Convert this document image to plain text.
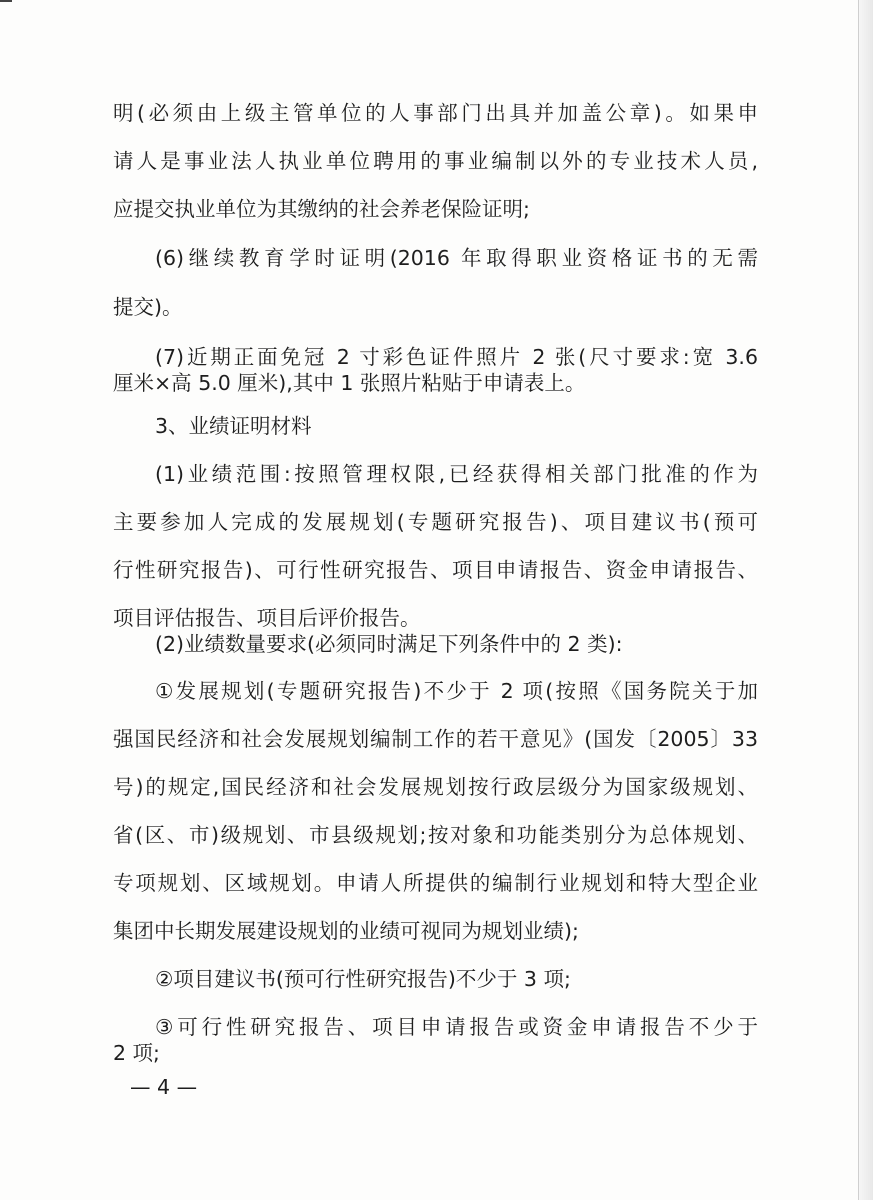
明(必须由上级主管单位的人事部门出具并加盖公章)。如果申

请人是事业法人执业单位聘用的事业编制以外的专业技术人员,

应提交执业单位为其缴纳的社会养老保险证明;

(6)继续教育学时证明(2016 年取得职业资格证书的无需

提交)。

(7)近期正面免冠 2 寸彩色证件照片 2 张(尺寸要求:宽 3.6

厘米×高 5.0 厘米),其中 1 张照片粘贴于申请表上。

3、业绩证明材料

(1)业绩范围:按照管理权限,已经获得相关部门批准的作为

主要参加人完成的发展规划(专题研究报告)、项目建议书(预可

行性研究报告)、可行性研究报告、项目申请报告、资金申请报告、

项目评估报告、项目后评价报告。

(2)业绩数量要求(必须同时满足下列条件中的 2 类):

①发展规划(专题研究报告)不少于 2 项(按照《国务院关于加

强国民经济和社会发展规划编制工作的若干意见》(国发〔2005〕33

号)的规定,国民经济和社会发展规划按行政层级分为国家级规划、

省(区、市)级规划、市县级规划;按对象和功能类别分为总体规划、

专项规划、区域规划。申请人所提供的编制行业规划和特大型企业

集团中长期发展建设规划的业绩可视同为规划业绩);

②项目建议书(预可行性研究报告)不少于 3 项;

③可行性研究报告、项目申请报告或资金申请报告不少于

2 项;

— 4 —
